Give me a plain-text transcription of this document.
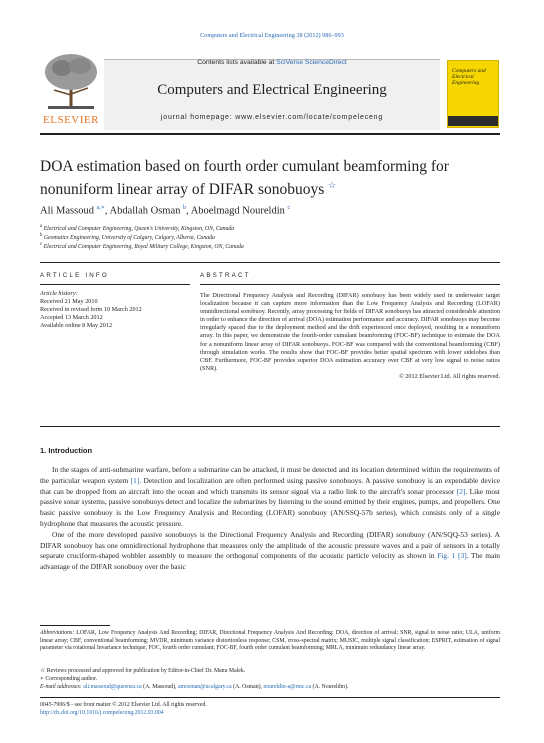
Computers and Electrical Engineering 38 (2012) 986–993
ELSEVIER
Contents lists available at SciVerse ScienceDirect
Computers and Electrical Engineering
journal homepage: www.elsevier.com/locate/compeleceng
Computers and Electrical Engineering
DOA estimation based on fourth order cumulant beamforming for nonuniform linear array of DIFAR sonobuoys ☆
Ali Massoud $^{a,∗}$, Abdallah Osman $^b$, Aboelmagd Noureldin $^c$
$^a$ Electrical and Computer Engineering, Queen's University, Kingston, ON, Canada
$^b$ Geomatics Engineering, University of Calgary, Calgary, Alberta, Canada
$^c$ Electrical and Computer Engineering, Royal Military College, Kingston, ON, Canada
ARTICLE INFO
Article history:
Received 21 May 2010
Received in revised form 10 March 2012
Accepted 13 March 2012
Available online 8 May 2012
ABSTRACT
The Directional Frequency Analysis and Recording (DIFAR) sonobuoy has been widely used in underwater target localization because it can capture more information than the Low Frequency Analysis and Recording (LOFAR) omnidirectional sonobuoy. Recently, array processing for fields of DIFAR sonobuoys has attracted considerable attention in order to enhance the direction of arrival (DOA) estimation performance and accuracy. DIFAR sonobuoys may become irregularly spaced due to the deployment method and the drift experienced once deployed, resulting in a nonuniform array. In this paper, we demonstrate the fourth-order cumulant beamforming (FOC-BF) technique to estimate the DOA for a nonuniform linear array of DIFAR sonobuoys. FOC-BF was compared with the conventional beamforming (CBF) through simulation works. The results show that FOC-BF provides better spatial spectrum with lower sidelobes than CBF. Furthermore, FOC-BF provides superior DOA estimation accuracy over CBF at very low signal to noise ratios (SNR).
© 2012 Elsevier Ltd. All rights reserved.
1. Introduction

In the stages of anti-submarine warfare, before a submarine can be attacked, it must be detected and its location determined within the requirements of the particular weapon system [1]. Detection and localization are often performed using passive sonobuoys. A passive sonobuoy is an expendable device that can be dropped from an aircraft into the ocean and which transmits its sensor signal via a radio link to the aircraft's sonar processor [2]. Like most passive sonar systems, passive sonobuoys detect and localize the submarines by listening to the sound emitted by their engines, pumps, and propellers. One basic passive sonobuoy is the Low Frequency Analysis and Recording (LOFAR) sonobuoy (AN/SSQ-57b series), which consists only of a single hydrophone that measures the acoustic pressure.

One of the more developed passive sonobuoys is the Directional Frequency Analysis and Recording (DIFAR) sonobuoy (AN/SQQ-53 series). A DIFAR sonobuoy has one omnidirectional hydrophone that measures only the amplitude of the acoustic pressure waves and a pair of sensors in a totally separate cruciform-shaped wobbler assembly to measure the orthogonal components of the acoustic particle velocity as shown in Fig. 1 [3]. The main advantage of the DIFAR sonobuoy over the basic

Abbreviations: LOFAR, Low Frequency Analysis And Recording; DIFAR, Directional Frequency Analysis And Recording; DOA, direction of arrival; SNR, signal to noise ratio; ULA, uniform linear array; CBF, conventional beamforming; MVDR, minimum variance distortionless response; CSM, cross-spectral matrix; MUSIC, multiple signal classification; ESPRIT, estimation of signal parameter via rotational Invariance technique; FOC, fourth order cumulant; FOC-BF, fourth order cumulant beamforming; MRLA, minimum redundancy linear array.
☆ Reviews processed and approved for publication by Editor-in-Chief Dr. Manu Malek.
∗ Corresponding author.
E-mail addresses: ali.massoud@queensu.ca (A. Massoud), amosman@ucalgary.ca (A. Osman), noureldin-a@rmc.ca (A. Noureldin).
0045-7906/$ - see front matter © 2012 Elsevier Ltd. All rights reserved.
http://dx.doi.org/10.1016/j.compeleceng.2012.03.004
